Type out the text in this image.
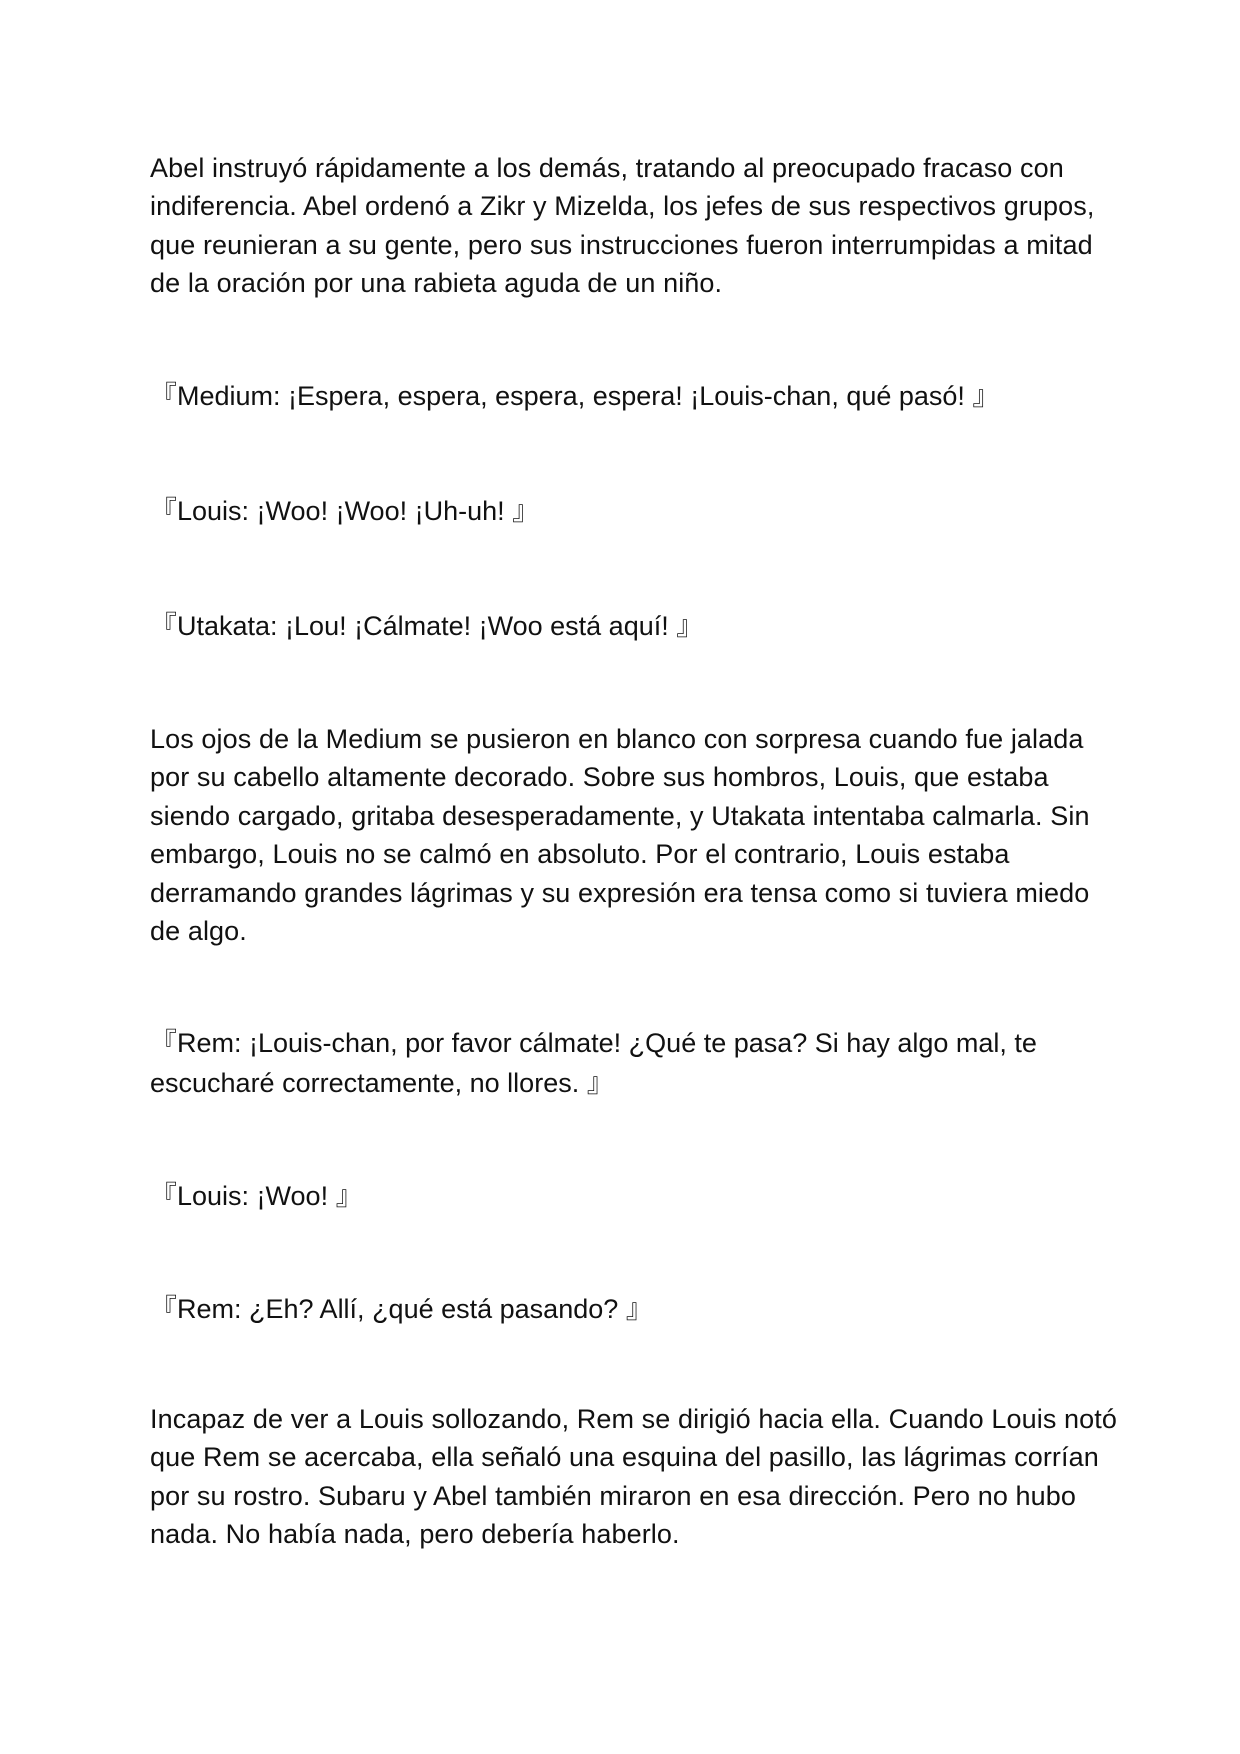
Abel instruyó rápidamente a los demás, tratando al preocupado fracaso con
indiferencia. Abel ordenó a Zikr y Mizelda, los jefes de sus respectivos grupos,
que reunieran a su gente, pero sus instrucciones fueron interrumpidas a mitad
de la oración por una rabieta aguda de un niño.

『Medium: ¡Espera, espera, espera, espera! ¡Louis-chan, qué pasó! 』
『Louis: ¡Woo! ¡Woo! ¡Uh-uh! 』
『Utakata: ¡Lou! ¡Cálmate! ¡Woo está aquí! 』

Los ojos de la Medium se pusieron en blanco con sorpresa cuando fue jalada
por su cabello altamente decorado. Sobre sus hombros, Louis, que estaba
siendo cargado, gritaba desesperadamente, y Utakata intentaba calmarla. Sin
embargo, Louis no se calmó en absoluto. Por el contrario, Louis estaba
derramando grandes lágrimas y su expresión era tensa como si tuviera miedo
de algo.

『Rem: ¡Louis-chan, por favor cálmate! ¿Qué te pasa? Si hay algo mal, te
escucharé correctamente, no llores. 』
『Louis: ¡Woo! 』
『Rem: ¿Eh? Allí, ¿qué está pasando? 』

Incapaz de ver a Louis sollozando, Rem se dirigió hacia ella. Cuando Louis notó
que Rem se acercaba, ella señaló una esquina del pasillo, las lágrimas corrían
por su rostro. Subaru y Abel también miraron en esa dirección. Pero no hubo
nada. No había nada, pero debería haberlo.
